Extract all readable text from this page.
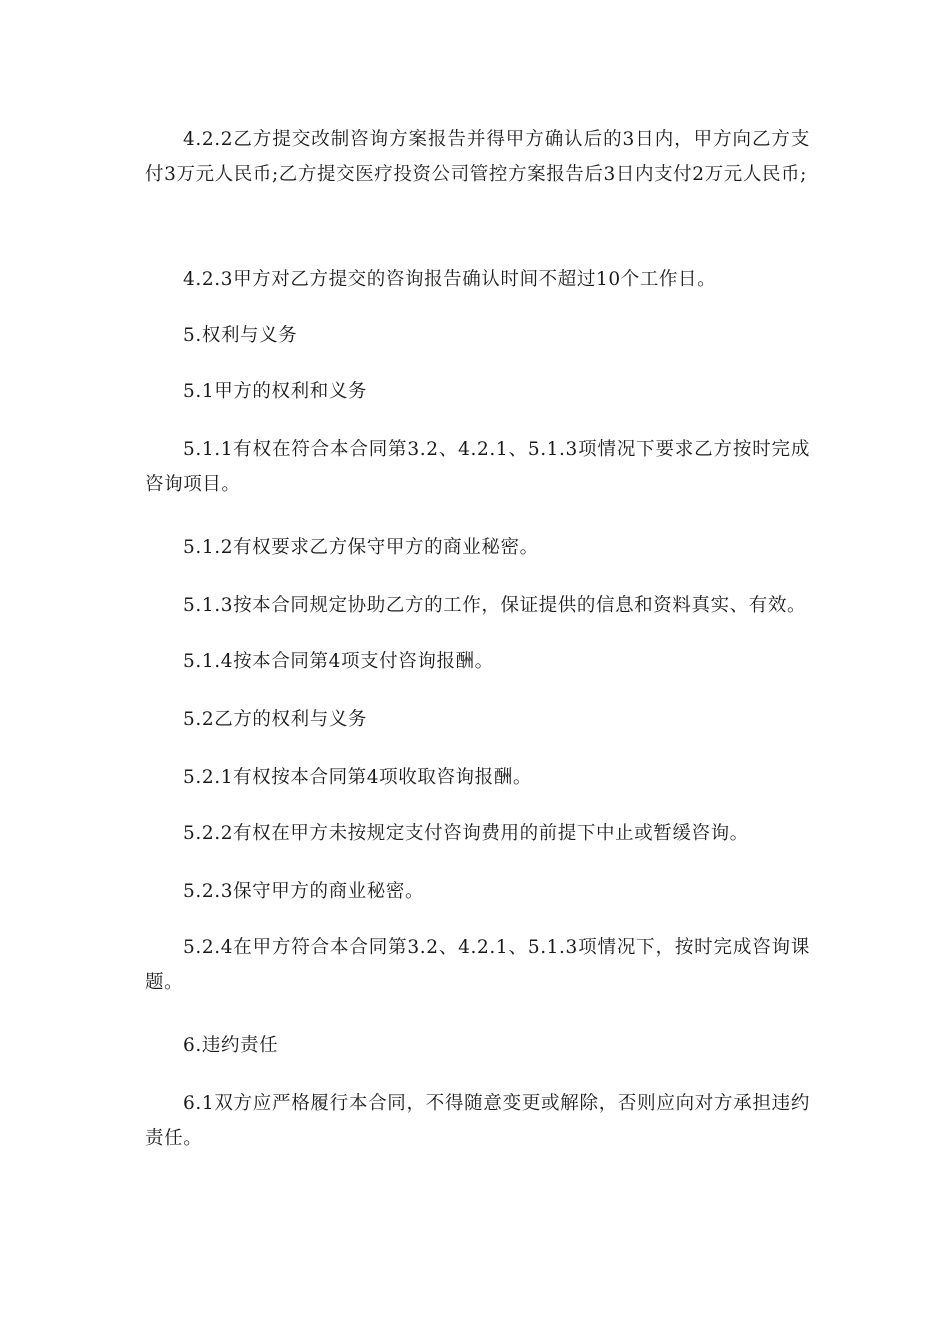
4.2.2乙方提交改制咨询方案报告并得甲方确认后的3日内，甲方向乙方支付3万元人民币;乙方提交医疗投资公司管控方案报告后3日内支付2万元人民币;

4.2.3甲方对乙方提交的咨询报告确认时间不超过10个工作日。

5.权利与义务

5.1甲方的权利和义务

5.1.1有权在符合本合同第3.2、4.2.1、5.1.3项情况下要求乙方按时完成咨询项目。

5.1.2有权要求乙方保守甲方的商业秘密。

5.1.3按本合同规定协助乙方的工作，保证提供的信息和资料真实、有效。

5.1.4按本合同第4项支付咨询报酬。

5.2乙方的权利与义务

5.2.1有权按本合同第4项收取咨询报酬。

5.2.2有权在甲方未按规定支付咨询费用的前提下中止或暂缓咨询。

5.2.3保守甲方的商业秘密。

5.2.4在甲方符合本合同第3.2、4.2.1、5.1.3项情况下，按时完成咨询课题。

6.违约责任

6.1双方应严格履行本合同，不得随意变更或解除，否则应向对方承担违约责任。
